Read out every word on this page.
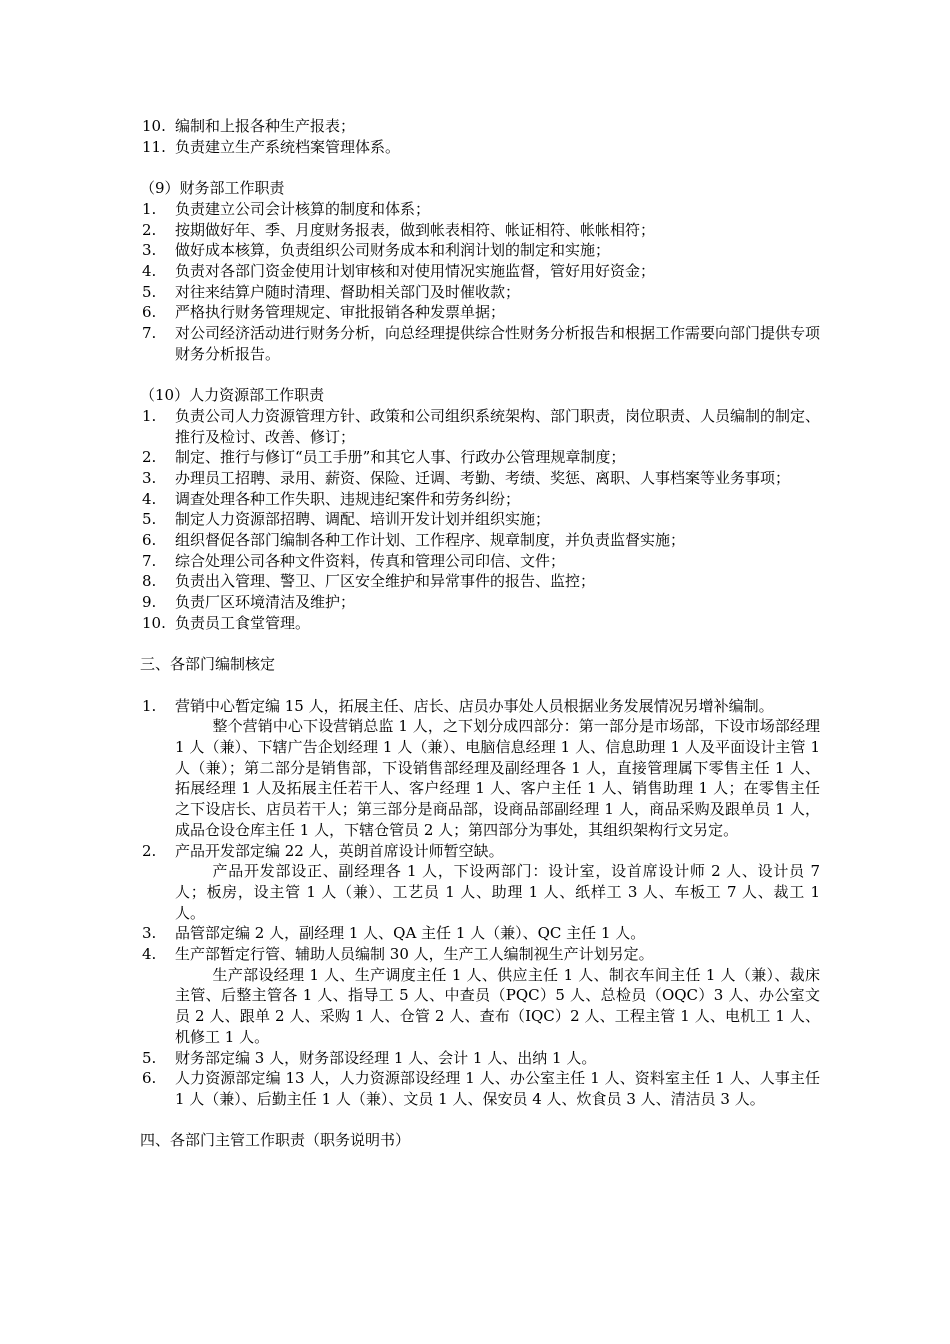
10. 编制和上报各种生产报表；
11. 负责建立生产系统档案管理体系。
（9）财务部工作职责
1. 负责建立公司会计核算的制度和体系；
2. 按期做好年、季、月度财务报表，做到帐表相符、帐证相符、帐帐相符；
3. 做好成本核算，负责组织公司财务成本和利润计划的制定和实施；
4. 负责对各部门资金使用计划审核和对使用情况实施监督，管好用好资金；
5. 对往来结算户随时清理、督助相关部门及时催收款；
6. 严格执行财务管理规定、审批报销各种发票单据；
7. 对公司经济活动进行财务分析，向总经理提供综合性财务分析报告和根据工作需要向部门提供专项财务分析报告。
（10）人力资源部工作职责
1. 负责公司人力资源管理方针、政策和公司组织系统架构、部门职责，岗位职责、人员编制的制定、推行及检讨、改善、修订；
2. 制定、推行与修订“员工手册”和其它人事、行政办公管理规章制度；
3. 办理员工招聘、录用、薪资、保险、迁调、考勤、考绩、奖惩、离职、人事档案等业务事项；
4. 调查处理各种工作失职、违规违纪案件和劳务纠纷；
5. 制定人力资源部招聘、调配、培训开发计划并组织实施；
6. 组织督促各部门编制各种工作计划、工作程序、规章制度，并负责监督实施；
7. 综合处理公司各种文件资料，传真和管理公司印信、文件；
8. 负责出入管理、警卫、厂区安全维护和异常事件的报告、监控；
9. 负责厂区环境清洁及维护；
10. 负责员工食堂管理。
三、各部门编制核定
1. 营销中心暂定编 15 人，拓展主任、店长、店员办事处人员根据业务发展情况另增补编制。
整个营销中心下设营销总监 1 人，之下划分成四部分：第一部分是市场部，下设市场部经理 1 人（兼）、下辖广告企划经理 1 人（兼）、电脑信息经理 1 人、信息助理 1 人及平面设计主管 1 人（兼）；第二部分是销售部，下设销售部经理及副经理各 1 人，直接管理属下零售主任 1 人、拓展经理 1 人及拓展主任若干人、客户经理 1 人、客户主任 1 人、销售助理 1 人；在零售主任之下设店长、店员若干人；第三部分是商品部，设商品部副经理 1 人，商品采购及跟单员 1 人，成品仓设仓库主任 1 人，下辖仓管员 2 人；第四部分为事处，其组织架构行文另定。
2. 产品开发部定编 22 人，英朗首席设计师暂空缺。
产品开发部设正、副经理各 1 人，下设两部门：设计室，设首席设计师 2 人、设计员 7 人；板房，设主管 1 人（兼）、工艺员 1 人、助理 1 人、纸样工 3 人、车板工 7 人、裁工 1 人。
3. 品管部定编 2 人，副经理 1 人、QA 主任 1 人（兼）、QC 主任 1 人。
4. 生产部暂定行管、辅助人员编制 30 人，生产工人编制视生产计划另定。
生产部设经理 1 人、生产调度主任 1 人、供应主任 1 人、制衣车间主任 1 人（兼）、裁床主管、后整主管各 1 人、指导工 5 人、中查员（PQC）5 人、总检员（OQC）3 人、办公室文员 2 人、跟单 2 人、采购 1 人、仓管 2 人、查布（IQC）2 人、工程主管 1 人、电机工 1 人、机修工 1 人。
5. 财务部定编 3 人，财务部设经理 1 人、会计 1 人、出纳 1 人。
6. 人力资源部定编 13 人，人力资源部设经理 1 人、办公室主任 1 人、资料室主任 1 人、人事主任 1 人（兼）、后勤主任 1 人（兼）、文员 1 人、保安员 4 人、炊食员 3 人、清洁员 3 人。
四、各部门主管工作职责（职务说明书）
